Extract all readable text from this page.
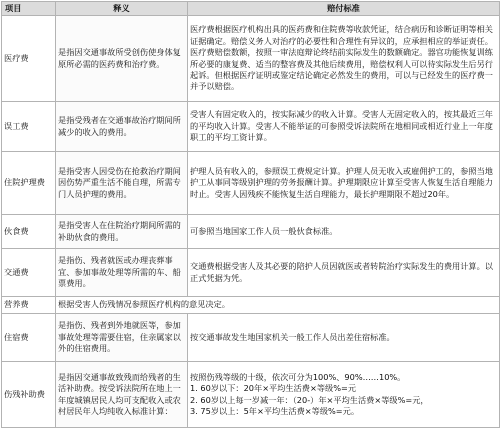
项目	释义	赔付标准
医疗费	是指因交通事故所受创伤使身体复原所必需的医药费和治疗费。	医疗费根据医疗机构出具的医药费和住院费等收款凭证，结合病历和诊断证明等相关证据确定。赔偿义务人对治疗的必要性和合理性有异议的，应承担相应的举证责任。医疗费赔偿数额，按照一审法庭辩论终结前实际发生的数额确定。器官功能恢复训练所必要的康复费、适当的整容费及其他后续费用，赔偿权利人可以待实际发生后另行起诉。但根据医疗证明或鉴定结论确定必然发生的费用，可以与已经发生的医疗费一并予以赔偿。
误工费	是指受残者在交通事故治疗期间所减少的收入的费用。	受害人有固定收入的，按实际减少的收入计算。受害人无固定收入的，按其最近三年的平均收入计算。受害人不能举证的可参照受诉法院所在地相同或相近行业上一年度职工的平均工资计算。
住院护理费	是指受害人因受伤在抢救治疗期间因伤势严重生活不能自理，所需专门人员护理的费用。	护理人员有收入的，参照误工费规定计算。护理人员无收入或雇佣护工的，参照当地护工从事同等级别护理的劳务报酬计算。护理期限应计算至受害人恢复生活自理能力时止。受害人因残疾不能恢复生活自理能力，最长护理期限不超过20年。
伙食费	是指受害人在住院治疗期间所需的补助伙食的费用。	可参照当地国家工作人员一般伙食标准。
交通费	是指伤、残者就医或办理丧葬事宜、参加事故处理等所需的车、船票费用。	交通费根据受害人及其必要的陪护人员因就医或者转院治疗实际发生的费用计算。以正式凭据为凭。
营养费	根据受害人伤残情况参照医疗机构的意见决定。	
住宿费	是指伤、残者到外地就医等，参加事故处理等需要住宿，住亲属家以外的住宿费用。	按交通事故发生地国家机关一般工作人员出差住宿标准。
伤残补助费	是指因交通事故致残而给残者的生活补助费。按受诉法院所在地上一年度城镇居民人均可支配收入或农村居民年人均纯收入标准计算：	按照伤残等级的十级，依次可分为100%、90%……10%。
1. 60岁以下：20年×平均生活费×等级%=元
2. 60岁以上每一岁减一年：（20-）年×平均生活费×等级%=元，
3. 75岁以上：5年×平均生活费×等级%=元。
